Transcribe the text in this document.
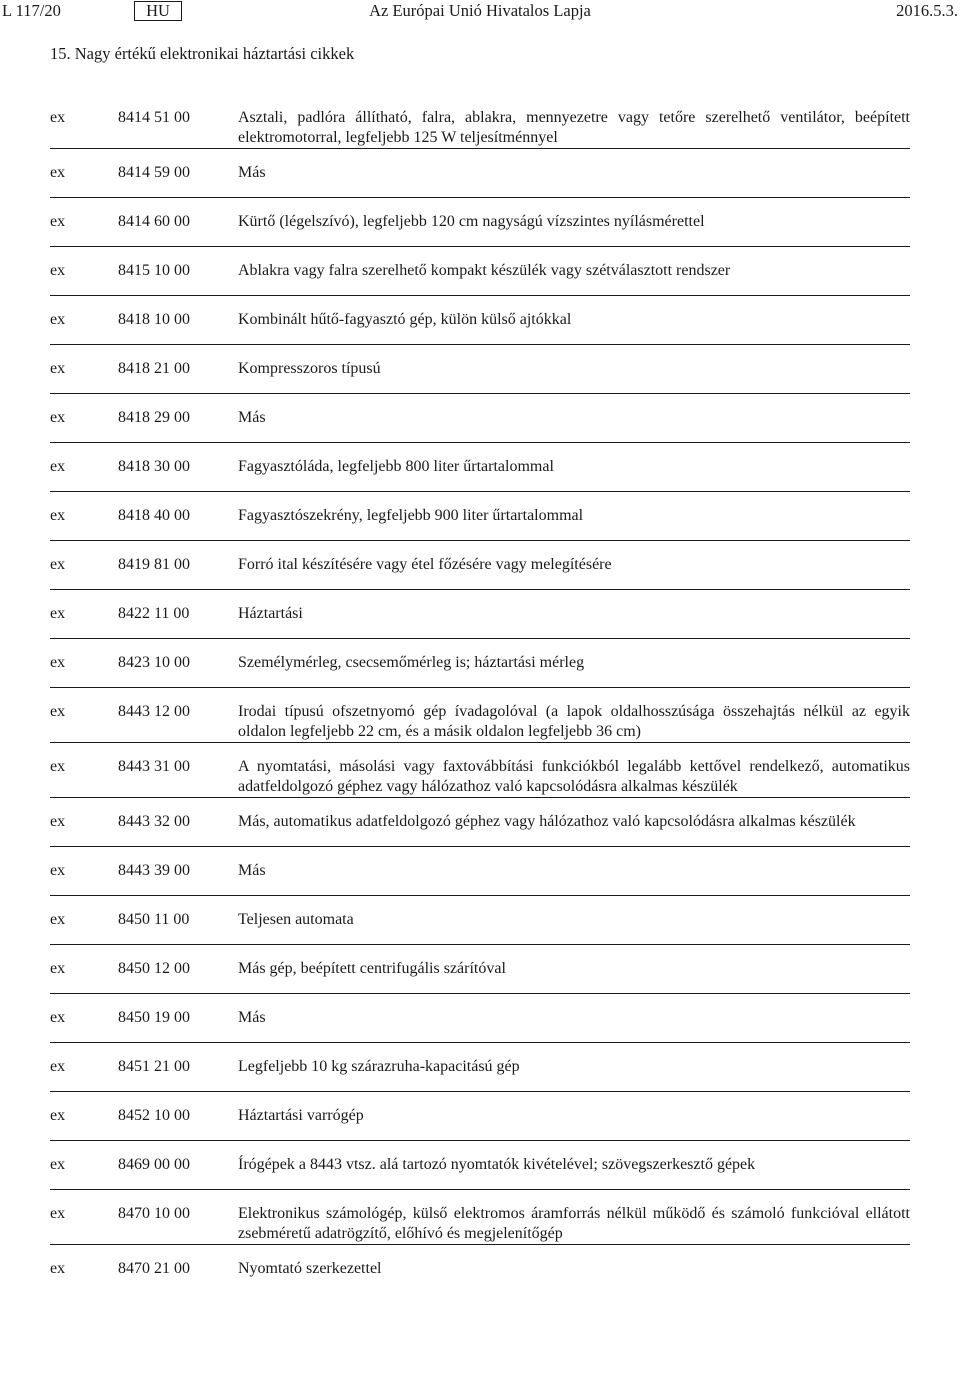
Az Európai Unió Hivatalos Lapja
L 117/20	HU	2016.5.3.
15. Nagy értékű elektronikai háztartási cikkek
ex	8414 51 00	Asztali, padlóra állítható, falra, ablakra, mennyezetre vagy tetőre szerelhető ventilátor, beépített elektromotorral, legfeljebb 125 W teljesítménnyel
ex	8414 59 00	Más
ex	8414 60 00	Kürtő (légelszívó), legfeljebb 120 cm nagyságú vízszintes nyílásmérettel
ex	8415 10 00	Ablakra vagy falra szerelhető kompakt készülék vagy szétválasztott rendszer
ex	8418 10 00	Kombinált hűtő-fagyasztó gép, külön külső ajtókkal
ex	8418 21 00	Kompresszoros típusú
ex	8418 29 00	Más
ex	8418 30 00	Fagyasztóláda, legfeljebb 800 liter űrtartalommal
ex	8418 40 00	Fagyasztószekrény, legfeljebb 900 liter űrtartalommal
ex	8419 81 00	Forró ital készítésére vagy étel főzésére vagy melegítésére
ex	8422 11 00	Háztartási
ex	8423 10 00	Személymérleg, csecsemőmérleg is; háztartási mérleg
ex	8443 12 00	Irodai típusú ofszetnyomó gép ívadagolóval (a lapok oldalhosszúsága összehajtás nélkül az egyik oldalon legfeljebb 22 cm, és a másik oldalon legfeljebb 36 cm)
ex	8443 31 00	A nyomtatási, másolási vagy faxtovábbítási funkciókból legalább kettővel rendelkező, automatikus adatfeldolgozó géphez vagy hálózathoz való kapcsolódásra alkalmas készülék
ex	8443 32 00	Más, automatikus adatfeldolgozó géphez vagy hálózathoz való kapcsolódásra alkalmas készülék
ex	8443 39 00	Más
ex	8450 11 00	Teljesen automata
ex	8450 12 00	Más gép, beépített centrifugális szárítóval
ex	8450 19 00	Más
ex	8451 21 00	Legfeljebb 10 kg szárazruha-kapacitású gép
ex	8452 10 00	Háztartási varrógép
ex	8469 00 00	Írógépek a 8443 vtsz. alá tartozó nyomtatók kivételével; szövegszerkesztő gépek
ex	8470 10 00	Elektronikus számológép, külső elektromos áramforrás nélkül működő és számoló funkcióval ellátott zsebméretű adatrögzítő, előhívó és megjelenítőgép
ex	8470 21 00	Nyomtató szerkezettel
